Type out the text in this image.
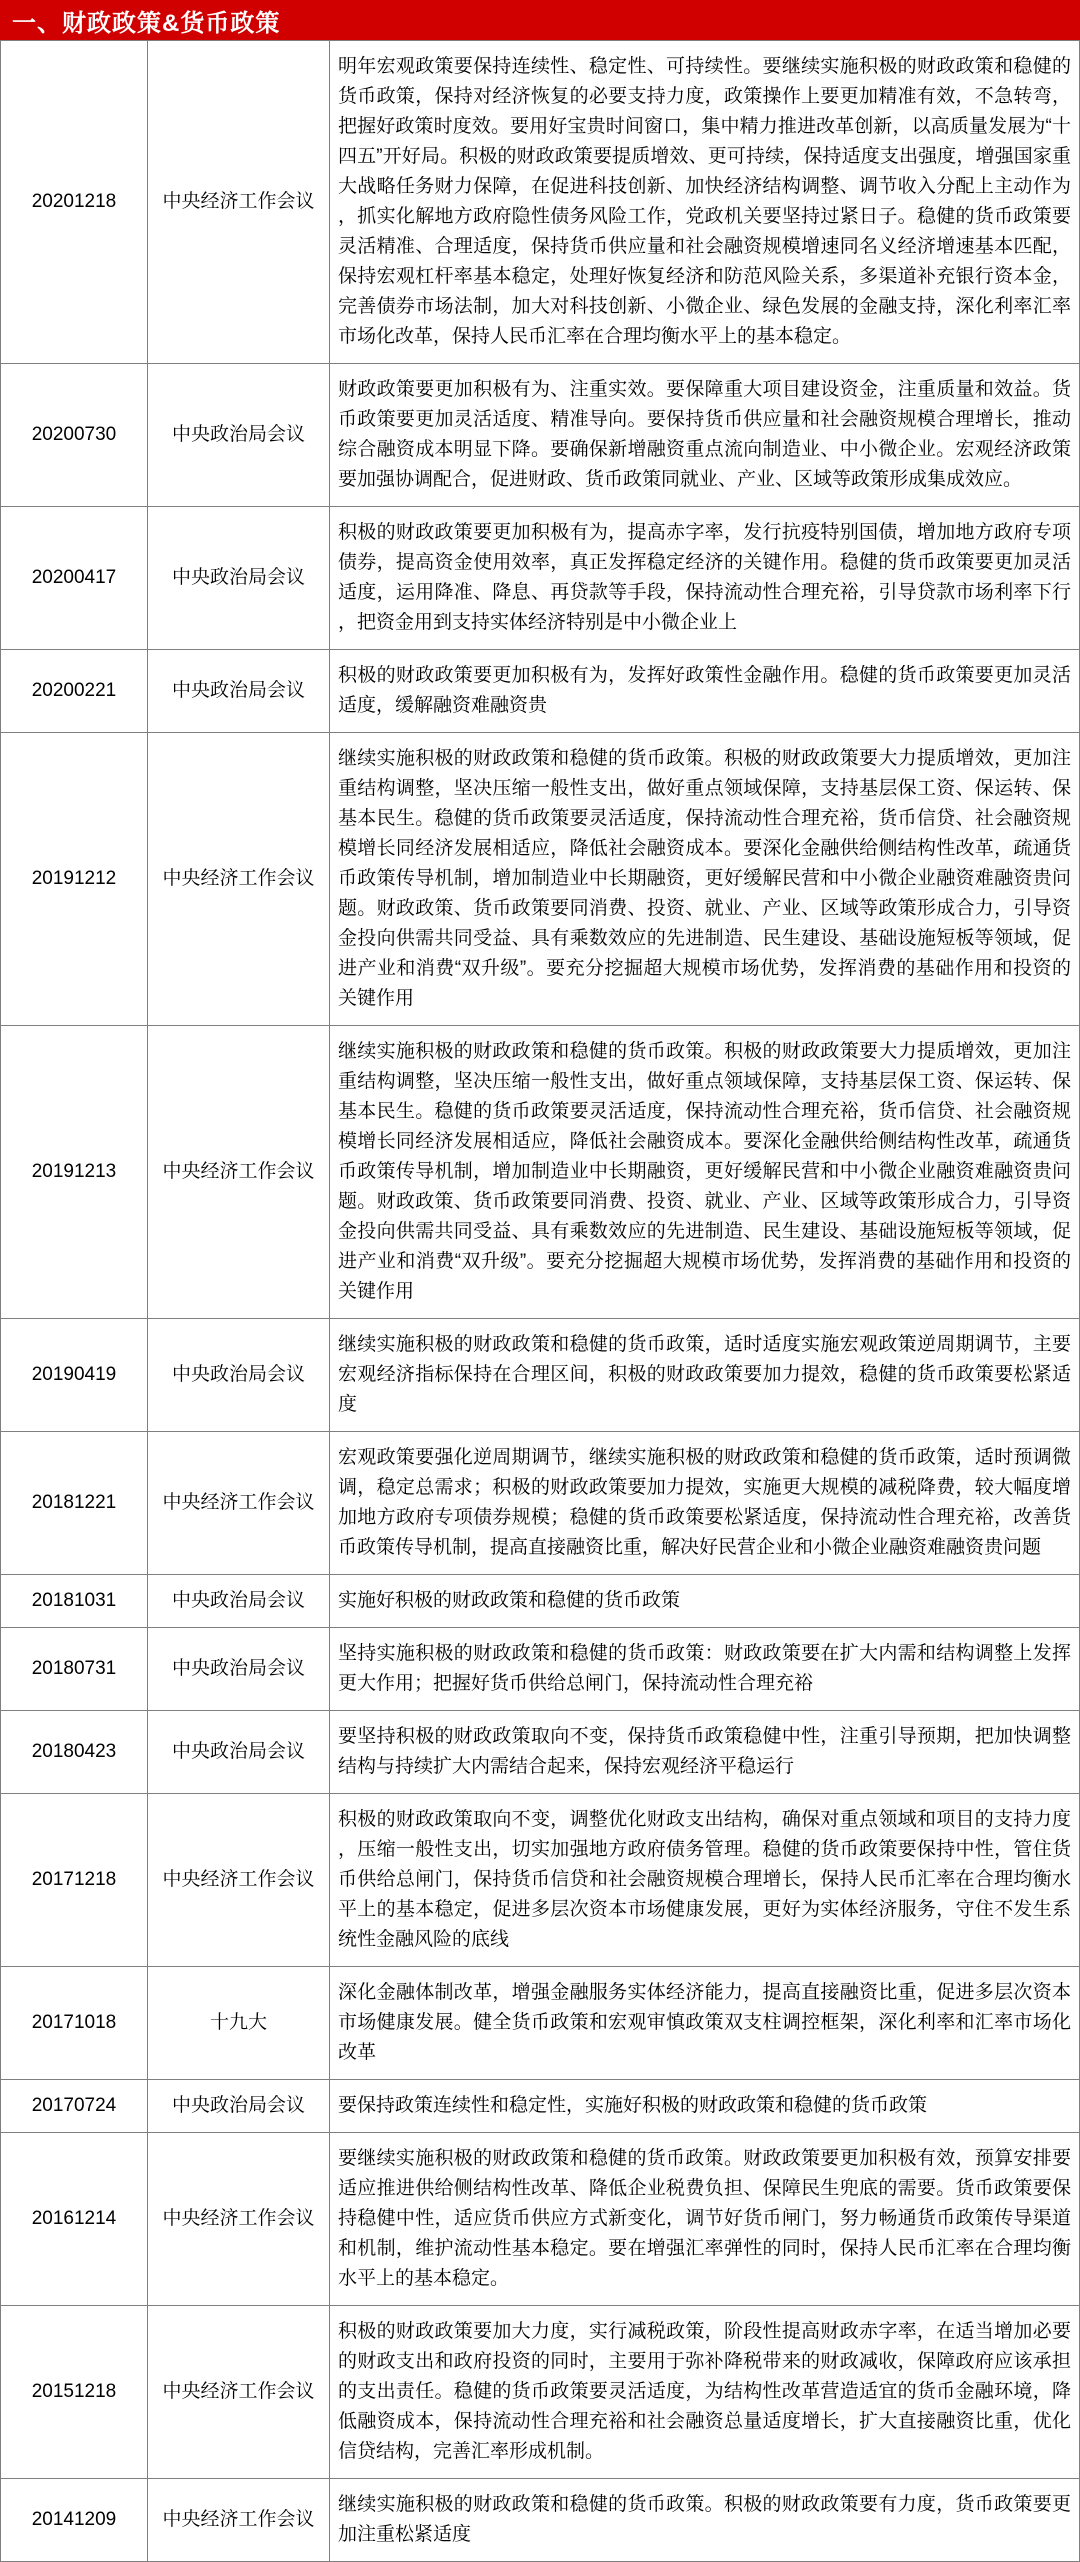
一、财政政策&货币政策
20201218	中央经济工作会议	明年宏观政策要保持连续性、稳定性、可持续性。要继续实施积极的财政政策和稳健的货币政策，保持对经济恢复的必要支持力度，政策操作上要更加精准有效，不急转弯，把握好政策时度效。要用好宝贵时间窗口，集中精力推进改革创新，以高质量发展为“十四五”开好局。积极的财政政策要提质增效、更可持续，保持适度支出强度，增强国家重大战略任务财力保障，在促进科技创新、加快经济结构调整、调节收入分配上主动作为，抓实化解地方政府隐性债务风险工作，党政机关要坚持过紧日子。稳健的货币政策要灵活精准、合理适度，保持货币供应量和社会融资规模增速同名义经济增速基本匹配，保持宏观杠杆率基本稳定，处理好恢复经济和防范风险关系，多渠道补充银行资本金，完善债券市场法制，加大对科技创新、小微企业、绿色发展的金融支持，深化利率汇率市场化改革，保持人民币汇率在合理均衡水平上的基本稳定。
20200730	中央政治局会议	财政政策要更加积极有为、注重实效。要保障重大项目建设资金，注重质量和效益。货币政策要更加灵活适度、精准导向。要保持货币供应量和社会融资规模合理增长，推动综合融资成本明显下降。要确保新增融资重点流向制造业、中小微企业。宏观经济政策要加强协调配合，促进财政、货币政策同就业、产业、区域等政策形成集成效应。
20200417	中央政治局会议	积极的财政政策要更加积极有为，提高赤字率，发行抗疫特别国债，增加地方政府专项债券，提高资金使用效率，真正发挥稳定经济的关键作用。稳健的货币政策要更加灵活适度，运用降准、降息、再贷款等手段，保持流动性合理充裕，引导贷款市场利率下行，把资金用到支持实体经济特别是中小微企业上
20200221	中央政治局会议	积极的财政政策要更加积极有为，发挥好政策性金融作用。稳健的货币政策要更加灵活适度，缓解融资难融资贵
20191212	中央经济工作会议	继续实施积极的财政政策和稳健的货币政策。积极的财政政策要大力提质增效，更加注重结构调整，坚决压缩一般性支出，做好重点领域保障，支持基层保工资、保运转、保基本民生。稳健的货币政策要灵活适度，保持流动性合理充裕，货币信贷、社会融资规模增长同经济发展相适应，降低社会融资成本。要深化金融供给侧结构性改革，疏通货币政策传导机制，增加制造业中长期融资，更好缓解民营和中小微企业融资难融资贵问题。财政政策、货币政策要同消费、投资、就业、产业、区域等政策形成合力，引导资金投向供需共同受益、具有乘数效应的先进制造、民生建设、基础设施短板等领域，促进产业和消费“双升级”。要充分挖掘超大规模市场优势，发挥消费的基础作用和投资的关键作用
20191213	中央经济工作会议	继续实施积极的财政政策和稳健的货币政策。积极的财政政策要大力提质增效，更加注重结构调整，坚决压缩一般性支出，做好重点领域保障，支持基层保工资、保运转、保基本民生。稳健的货币政策要灵活适度，保持流动性合理充裕，货币信贷、社会融资规模增长同经济发展相适应，降低社会融资成本。要深化金融供给侧结构性改革，疏通货币政策传导机制，增加制造业中长期融资，更好缓解民营和中小微企业融资难融资贵问题。财政政策、货币政策要同消费、投资、就业、产业、区域等政策形成合力，引导资金投向供需共同受益、具有乘数效应的先进制造、民生建设、基础设施短板等领域，促进产业和消费“双升级”。要充分挖掘超大规模市场优势，发挥消费的基础作用和投资的关键作用
20190419	中央政治局会议	继续实施积极的财政政策和稳健的货币政策，适时适度实施宏观政策逆周期调节，主要宏观经济指标保持在合理区间，积极的财政政策要加力提效，稳健的货币政策要松紧适度
20181221	中央经济工作会议	宏观政策要强化逆周期调节，继续实施积极的财政政策和稳健的货币政策，适时预调微调，稳定总需求；积极的财政政策要加力提效，实施更大规模的减税降费，较大幅度增加地方政府专项债券规模；稳健的货币政策要松紧适度，保持流动性合理充裕，改善货币政策传导机制，提高直接融资比重，解决好民营企业和小微企业融资难融资贵问题
20181031	中央政治局会议	实施好积极的财政政策和稳健的货币政策
20180731	中央政治局会议	坚持实施积极的财政政策和稳健的货币政策：财政政策要在扩大内需和结构调整上发挥更大作用；把握好货币供给总闸门，保持流动性合理充裕
20180423	中央政治局会议	要坚持积极的财政政策取向不变，保持货币政策稳健中性，注重引导预期，把加快调整结构与持续扩大内需结合起来，保持宏观经济平稳运行
20171218	中央经济工作会议	积极的财政政策取向不变，调整优化财政支出结构，确保对重点领域和项目的支持力度，压缩一般性支出，切实加强地方政府债务管理。稳健的货币政策要保持中性，管住货币供给总闸门，保持货币信贷和社会融资规模合理增长，保持人民币汇率在合理均衡水平上的基本稳定，促进多层次资本市场健康发展，更好为实体经济服务，守住不发生系统性金融风险的底线
20171018	十九大	深化金融体制改革，增强金融服务实体经济能力，提高直接融资比重，促进多层次资本市场健康发展。健全货币政策和宏观审慎政策双支柱调控框架，深化利率和汇率市场化改革
20170724	中央政治局会议	要保持政策连续性和稳定性，实施好积极的财政政策和稳健的货币政策
20161214	中央经济工作会议	要继续实施积极的财政政策和稳健的货币政策。财政政策要更加积极有效，预算安排要适应推进供给侧结构性改革、降低企业税费负担、保障民生兜底的需要。货币政策要保持稳健中性，适应货币供应方式新变化，调节好货币闸门，努力畅通货币政策传导渠道和机制，维护流动性基本稳定。要在增强汇率弹性的同时，保持人民币汇率在合理均衡水平上的基本稳定。
20151218	中央经济工作会议	积极的财政政策要加大力度，实行减税政策，阶段性提高财政赤字率，在适当增加必要的财政支出和政府投资的同时，主要用于弥补降税带来的财政减收，保障政府应该承担的支出责任。稳健的货币政策要灵活适度，为结构性改革营造适宜的货币金融环境，降低融资成本，保持流动性合理充裕和社会融资总量适度增长，扩大直接融资比重，优化信贷结构，完善汇率形成机制。
20141209	中央经济工作会议	继续实施积极的财政政策和稳健的货币政策。积极的财政政策要有力度，货币政策要更加注重松紧适度
